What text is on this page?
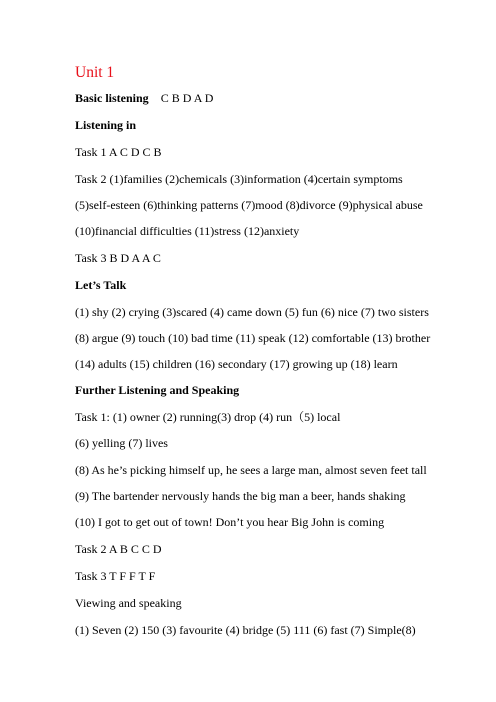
Unit 1
Basic listening C B D A D
Listening in
Task 1 A C D C B
Task 2 (1)families (2)chemicals (3)information (4)certain symptoms
(5)self-esteen (6)thinking patterns (7)mood (8)divorce (9)physical abuse
(10)financial difficulties (11)stress (12)anxiety
Task 3 B D A A C
Let’s Talk
(1) shy (2) crying (3)scared (4) came down (5) fun (6) nice (7) two sisters
(8) argue (9) touch (10) bad time (11) speak (12) comfortable (13) brother
(14) adults (15) children (16) secondary (17) growing up (18) learn
Further Listening and Speaking
Task 1: (1) owner (2) running(3) drop (4) run（5) local
(6) yelling (7) lives
(8) As he’s picking himself up, he sees a large man, almost seven feet tall
(9) The bartender nervously hands the big man a beer, hands shaking
(10) I got to get out of town! Don’t you hear Big John is coming
Task 2 A B C C D
Task 3 T F F T F
Viewing and speaking
(1) Seven (2) 150 (3) favourite (4) bridge (5) 111 (6) fast (7) Simple(8)
